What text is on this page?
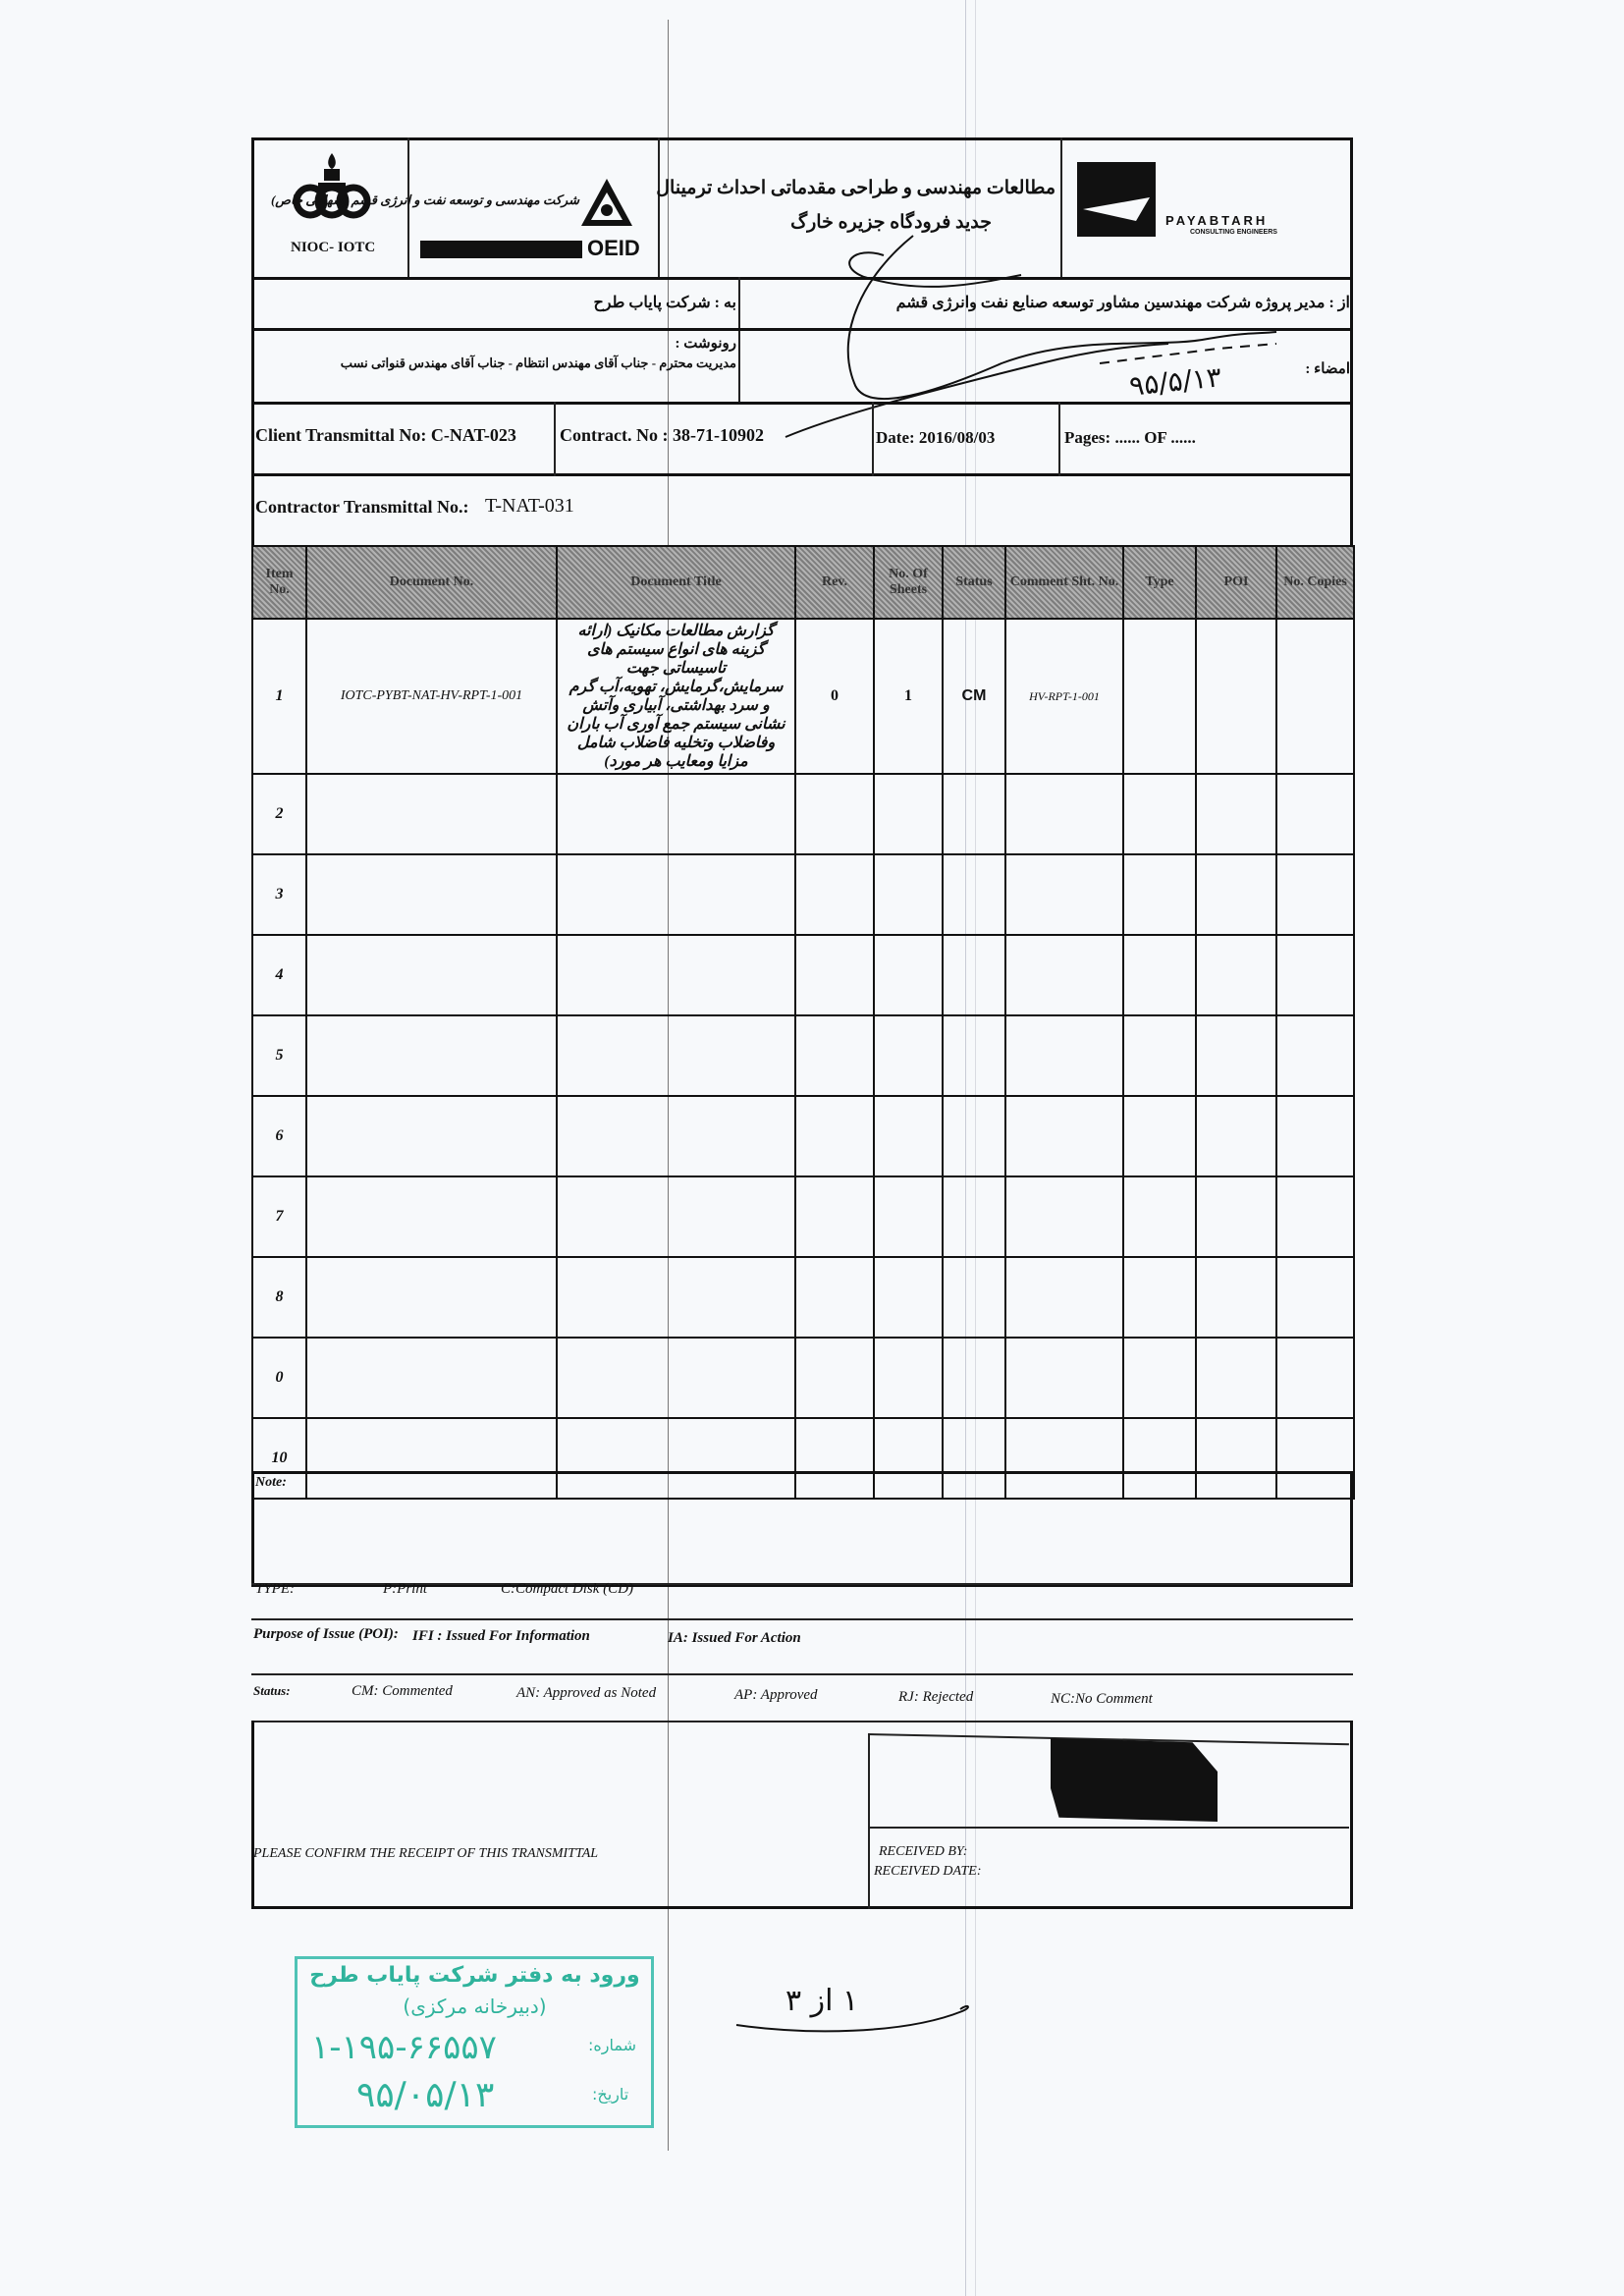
NIOC- IOTC
شرکت مهندسی و توسعه نفت و انرژی قشم (سهامی خاص)
OEID
مطالعات مهندسی و طراحی مقدماتی احداث ترمینال
جدید فرودگاه جزیره خارگ	PAYABTARH
CONSULTING ENGINEERS
به : شرکت پایاب طرح	از : مدیر پروژه شرکت مهندسین مشاور توسعه صنایع نفت وانرژی قشم
رونوشت :
مدیریت محترم - جناب آقای مهندس انتظام - جناب آقای مهندس قنواتی نسب	امضاء :
۹۵/۵/۱۳
Client Transmittal No: C-NAT-023 Contract. No : 38-71-10902	Date: 2016/08/03	Pages: ...... OF ......
Contractor Transmittal No.: T-NAT-031
Item No.	Document No.	Document Title	Rev.	No. Of Sheets	Status	Comment Sht. No.	Type	POI	No. Copies
1	IOTC-PYBT-NAT-HV-RPT-1-001	گزارش مطالعات مکانیک (ارائه گزینه های انواع سیستم های تاسیساتی جهت سرمایش،گرمایش، تهویه،آب گرم و سرد بهداشتی، آبیاری وآتش نشانی سیستم جمع آوری آب باران وفاضلاب وتخلیه فاضلاب شامل مزایا ومعایب هر مورد)	0	1	CM	HV-RPT-1-001			
2									
3									
4									
5									
6									
7									
8									
0									
10									
Note:
TYPE:	P:Print	C:Compact Disk (CD)
Purpose of Issue (POI): IFI : Issued For Information	IA: Issued For Action
Status:	CM: Commented	AN: Approved as Noted	AP: Approved	RJ: Rejected	NC:No Comment
PLEASE CONFIRM THE RECEIPT OF THIS TRANSMITTAL	RECEIVED BY:
RECEIVED DATE:
۱ از ۳
ورود به دفتر شرکت پایاب طرح
(دبیرخانه مرکزی)
شماره:
۱-۱۹۵-۶۶۵۵۷
تاریخ:
۹۵/۰۵/۱۳
